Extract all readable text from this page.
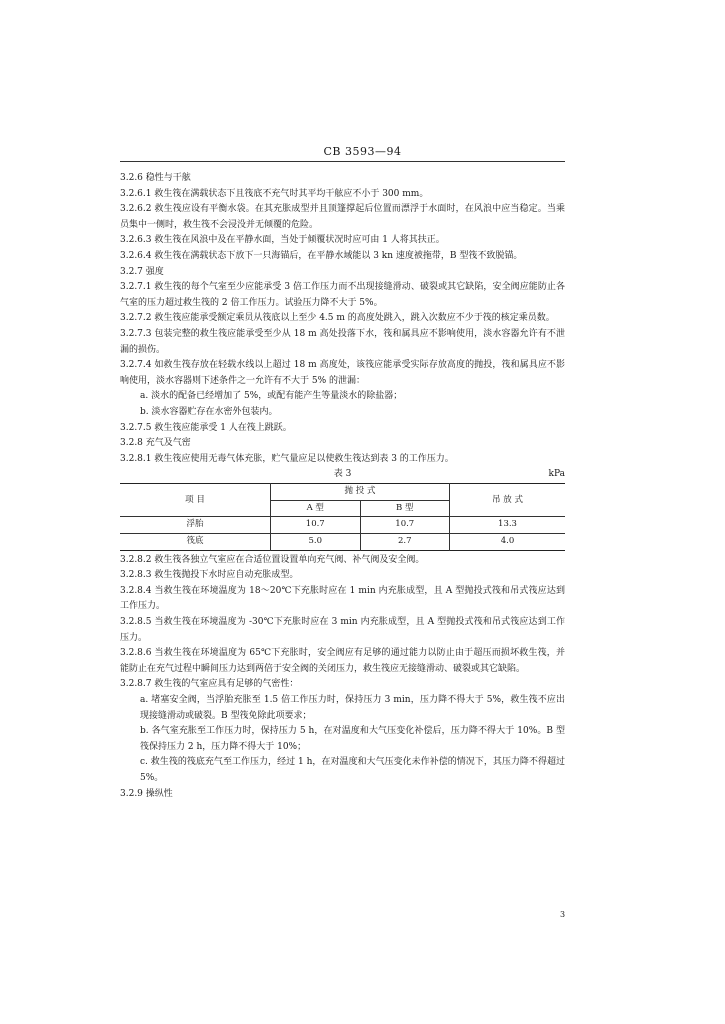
CB 3593—94

3.2.6 稳性与干舷

3.2.6.1 救生筏在满载状态下且筏底不充气时其平均干舷应不小于 300 mm。

3.2.6.2 救生筏应设有平衡水袋。在其充胀成型并且顶篷撑起后位置而漂浮于水面时，在风浪中应当稳定。当乘员集中一侧时，救生筏不会浸没并无倾覆的危险。

3.2.6.3 救生筏在风浪中及在平静水面，当处于倾覆状况时应可由 1 人将其扶正。

3.2.6.4 救生筏在满载状态下放下一只海锚后，在平静水域能以 3 kn 速度被拖带，B 型筏不致脱锚。

3.2.7 强度

3.2.7.1 救生筏的每个气室至少应能承受 3 倍工作压力而不出现接缝滑动、破裂或其它缺陷，安全阀应能防止各气室的压力超过救生筏的 2 倍工作压力。试验压力降不大于 5%。

3.2.7.2 救生筏应能承受额定乘员从筏底以上至少 4.5 m 的高度处跳入，跳入次数应不少于筏的核定乘员数。

3.2.7.3 包装完整的救生筏应能承受至少从 18 m 高处投落下水，筏和属具应不影响使用，淡水容器允许有不泄漏的损伤。

3.2.7.4 如救生筏存放在轻载水线以上超过 18 m 高度处，该筏应能承受实际存放高度的抛投，筏和属具应不影响使用，淡水容器则下述条件之一允许有不大于 5% 的泄漏：

a. 淡水的配备已经增加了 5%，或配有能产生等量淡水的除盐器；

b. 淡水容器贮存在水密外包装内。

3.2.7.5 救生筏应能承受 1 人在筏上跳跃。

3.2.8 充气及气密

3.2.8.1 救生筏应使用无毒气体充胀，贮气量应足以使救生筏达到表 3 的工作压力。

表 3	kPa
项 目	抛 投 式		吊 放 式
	A 型	B 型	
浮胎	10.7	10.7	13.3
筏底	5.0	2.7	4.0

3.2.8.2 救生筏各独立气室应在合适位置设置单向充气阀、补气阀及安全阀。

3.2.8.3 救生筏抛投下水时应自动充胀成型。

3.2.8.4 当救生筏在环境温度为 18～20℃下充胀时应在 1 min 内充胀成型，且 A 型抛投式筏和吊式筏应达到工作压力。

3.2.8.5 当救生筏在环境温度为 -30℃下充胀时应在 3 min 内充胀成型，且 A 型抛投式筏和吊式筏应达到工作压力。

3.2.8.6 当救生筏在环境温度为 65℃下充胀时，安全阀应有足够的通过能力以防止由于超压而损坏救生筏，并能防止在充气过程中瞬间压力达到两倍于安全阀的关闭压力，救生筏应无接缝滑动、破裂或其它缺陷。

3.2.8.7 救生筏的气室应具有足够的气密性：

a. 堵塞安全阀，当浮胎充胀至 1.5 倍工作压力时，保持压力 3 min，压力降不得大于 5%，救生筏不应出现接缝滑动或破裂。B 型筏免除此项要求；

b. 各气室充胀至工作压力时，保持压力 5 h，在对温度和大气压变化补偿后，压力降不得大于 10%。B 型筏保持压力 2 h，压力降不得大于 10%；

c. 救生筏的筏底充气至工作压力，经过 1 h，在对温度和大气压变化未作补偿的情况下，其压力降不得超过 5%。

3.2.9 操纵性

3
